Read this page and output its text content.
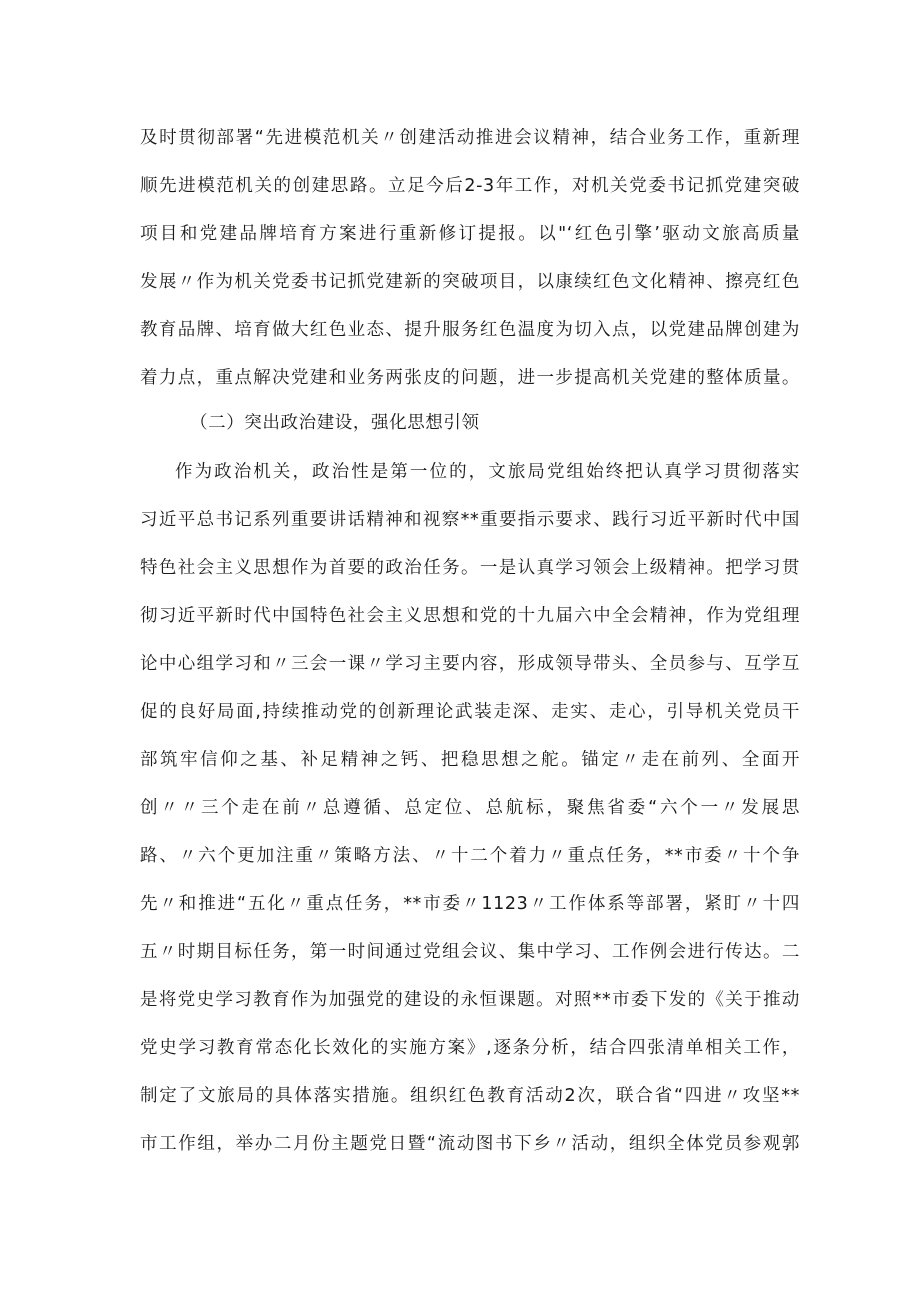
及时贯彻部署“先进模范机关〃创建活动推进会议精神，结合业务工作，重新理
顺先进模范机关的创建思路。立足今后2-3年工作，对机关党委书记抓党建突破
项目和党建品牌培育方案进行重新修订提报。以"‘红色引擎’驱动文旅高质量
发展〃作为机关党委书记抓党建新的突破项目，以康续红色文化精神、擦亮红色
教育品牌、培育做大红色业态、提升服务红色温度为切入点，以党建品牌创建为
着力点，重点解决党建和业务两张皮的问题，进一步提高机关党建的整体质量。
（二）突出政治建设，强化思想引领
作为政治机关，政治性是第一位的，文旅局党组始终把认真学习贯彻落实
习近平总书记系列重要讲话精神和视察**重要指示要求、践行习近平新时代中国
特色社会主义思想作为首要的政治任务。一是认真学习领会上级精神。把学习贯
彻习近平新时代中国特色社会主义思想和党的十九届六中全会精神，作为党组理
论中心组学习和〃三会一课〃学习主要内容，形成领导带头、全员参与、互学互
促的良好局面,持续推动党的创新理论武装走深、走实、走心，引导机关党员干
部筑牢信仰之基、补足精神之钙、把稳思想之舵。锚定〃走在前列、全面开
创〃〃三个走在前〃总遵循、总定位、总航标，聚焦省委“六个一〃发展思
路、〃六个更加注重〃策略方法、〃十二个着力〃重点任务，**市委〃十个争
先〃和推进“五化〃重点任务，**市委〃1123〃工作体系等部署，紧盯〃十四
五〃时期目标任务，第一时间通过党组会议、集中学习、工作例会进行传达。二
是将党史学习教育作为加强党的建设的永恒课题。对照**市委下发的《关于推动
党史学习教育常态化长效化的实施方案》,逐条分析，结合四张清单相关工作，
制定了文旅局的具体落实措施。组织红色教育活动2次，联合省“四进〃攻坚**
市工作组，举办二月份主题党日暨“流动图书下乡〃活动，组织全体党员参观郭
